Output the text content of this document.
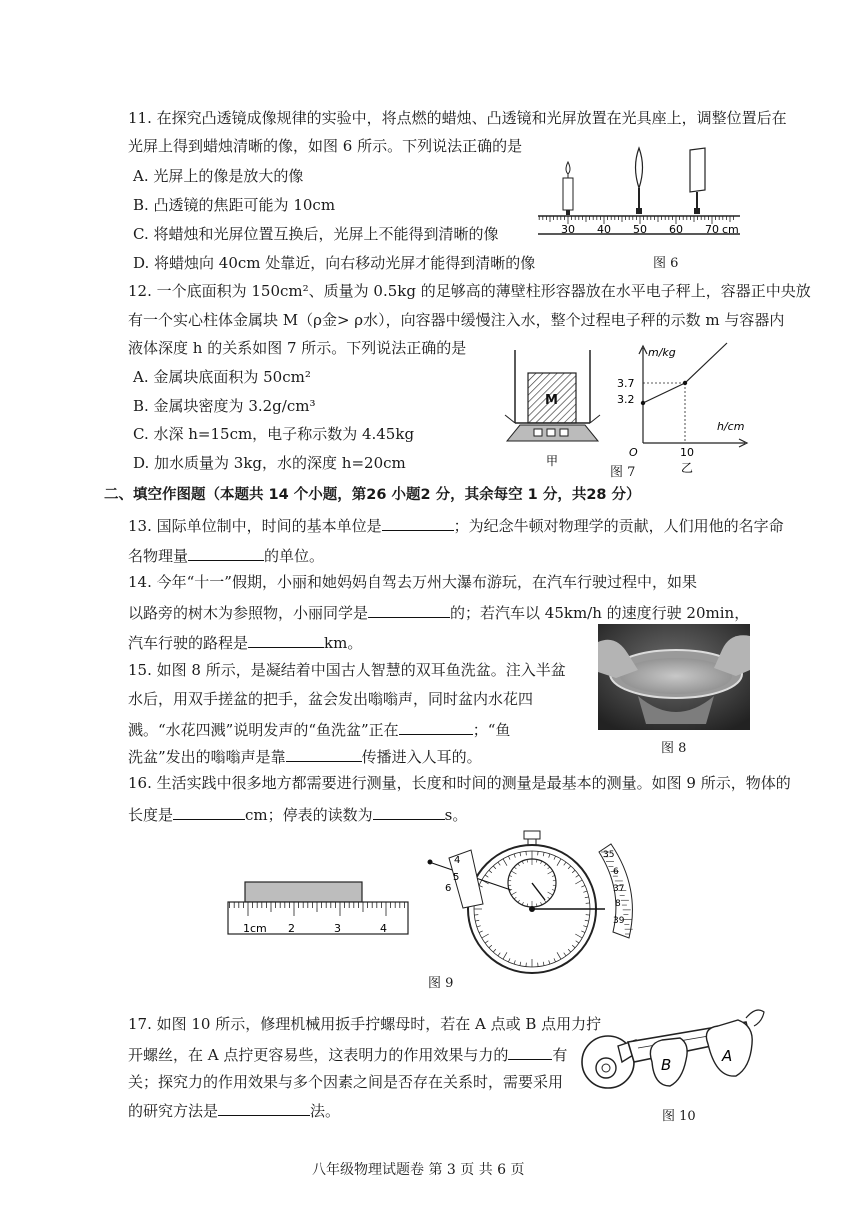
11. 在探究凸透镜成像规律的实验中，将点燃的蜡烛、凸透镜和光屏放置在光具座上，调整位置后在
光屏上得到蜡烛清晰的像，如图 6 所示。下列说法正确的是
A. 光屏上的像是放大的像
B. 凸透镜的焦距可能为 10cm
C. 将蜡烛和光屏位置互换后，光屏上不能得到清晰的像
D. 将蜡烛向 40cm 处靠近，向右移动光屏才能得到清晰的像
30 40 50 60 70 cm
图 6
12. 一个底面积为 150cm²、质量为 0.5kg 的足够高的薄壁柱形容器放在水平电子秤上，容器正中央放
有一个实心柱体金属块 M（ρ金> ρ水），向容器中缓慢注入水，整个过程电子秤的示数 m 与容器内
液体深度 h 的关系如图 7 所示。下列说法正确的是
A. 金属块底面积为 50cm²
B. 金属块密度为 3.2g/cm³
C. 水深 h=15cm，电子称示数为 4.45kg
D. 加水质量为 3kg，水的深度 h=20cm
M
甲
m/kg
h/cm
O
3.7
3.2
10
乙
图 7
二、填空作图题（本题共 14 个小题，第26 小题2 分，其余每空 1 分，共28 分）
13. 国际单位制中，时间的基本单位是	；为纪念牛顿对物理学的贡献，人们用他的名字命
名物理量	的单位。
14. 今年“十一”假期，小丽和她妈妈自驾去万州大瀑布游玩，在汽车行驶过程中，如果
以路旁的树木为参照物，小丽同学是	的；若汽车以 45km/h 的速度行驶 20min，
汽车行驶的路程是	km。
15. 如图 8 所示，是凝结着中国古人智慧的双耳鱼洗盆。注入半盆
水后，用双手搓盆的把手，盆会发出嗡嗡声，同时盆内水花四
溅。“水花四溅”说明发声的“鱼洗盆”正在	；“鱼
洗盆”发出的嗡嗡声是靠	传播进入人耳的。	图 8
16. 生活实践中很多地方都需要进行测量，长度和时间的测量是最基本的测量。如图 9 所示，物体的
长度是	cm；停表的读数为	s。
1cm 2	3	4
4
5
6
35
6
37
8
39
图 9
17. 如图 10 所示，修理机械用扳手拧螺母时，若在 A 点或 B 点用力拧
开螺丝，在 A 点拧更容易些，这表明力的作用效果与力的	有
关；探究力的作用效果与多个因素之间是否存在关系时，需要采用
的研究方法是	法。
B	A
图 10
八年级物理试题卷 第 3 页 共 6 页
